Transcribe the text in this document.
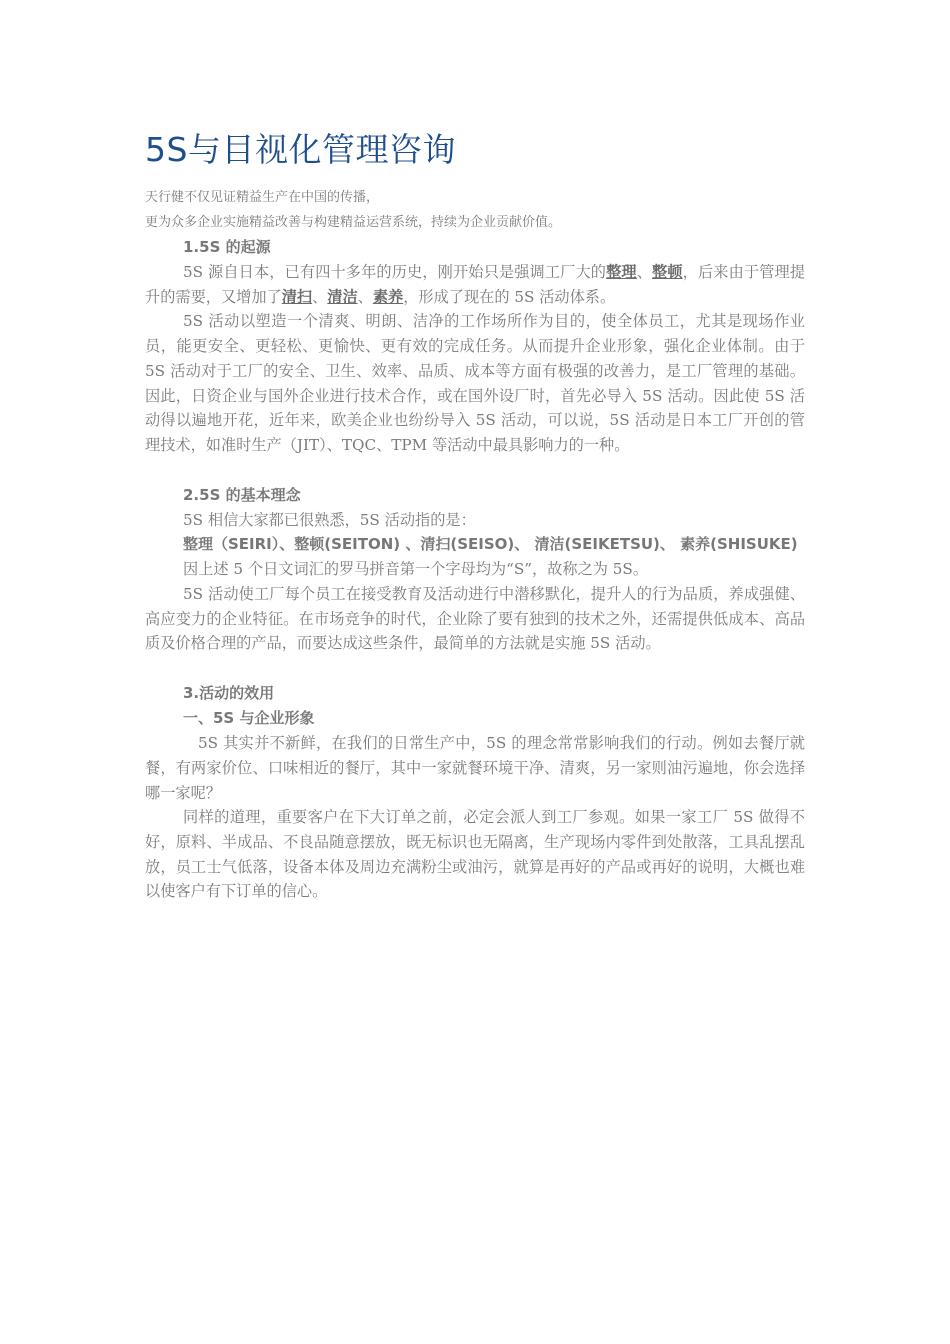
5S与目视化管理咨询

天行健不仅见证精益生产在中国的传播，

更为众多企业实施精益改善与构建精益运营系统，持续为企业贡献价值。

1.5S 的起源

5S 源自日本，已有四十多年的历史，刚开始只是强调工厂大的整理、整顿，后来由于管理提升的需要，又增加了清扫、清洁、素养，形成了现在的 5S 活动体系。

5S 活动以塑造一个清爽、明朗、洁净的工作场所作为目的，使全体员工，尤其是现场作业员，能更安全、更轻松、更愉快、更有效的完成任务。从而提升企业形象，强化企业体制。由于 5S 活动对于工厂的安全、卫生、效率、品质、成本等方面有极强的改善力，是工厂管理的基础。因此，日资企业与国外企业进行技术合作，或在国外设厂时，首先必导入 5S 活动。因此使 5S 活动得以遍地开花，近年来，欧美企业也纷纷导入 5S 活动，可以说，5S 活动是日本工厂开创的管理技术，如准时生产（JIT）、TQC、TPM 等活动中最具影响力的一种。

2.5S 的基本理念

5S 相信大家都已很熟悉，5S 活动指的是：

整理（SEIRI）、整顿(SEITON) 、清扫(SEISO)、 清洁(SEIKETSU)、 素养(SHISUKE)

因上述 5 个日文词汇的罗马拼音第一个字母均为“S”，故称之为 5S。

5S 活动使工厂每个员工在接受教育及活动进行中潜移默化，提升人的行为品质，养成强健、高应变力的企业特征。在市场竞争的时代，企业除了要有独到的技术之外，还需提供低成本、高品质及价格合理的产品，而要达成这些条件，最简单的方法就是实施 5S 活动。

3.活动的效用

一、5S 与企业形象

5S 其实并不新鲜，在我们的日常生产中，5S 的理念常常影响我们的行动。例如去餐厅就餐，有两家价位、口味相近的餐厅，其中一家就餐环境干净、清爽，另一家则油污遍地，你会选择哪一家呢？

同样的道理，重要客户在下大订单之前，必定会派人到工厂参观。如果一家工厂 5S 做得不好，原料、半成品、不良品随意摆放，既无标识也无隔离，生产现场内零件到处散落，工具乱摆乱放，员工士气低落，设备本体及周边充满粉尘或油污，就算是再好的产品或再好的说明，大概也难以使客户有下订单的信心。
